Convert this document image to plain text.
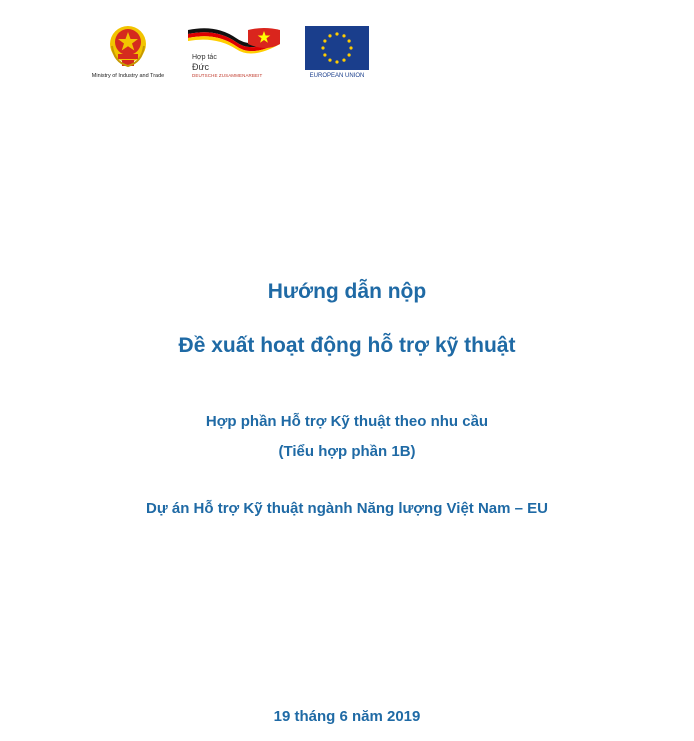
Ministry of Industry and Trade
Hợp tác
Đức
DEUTSCHE ZUSAMMENARBEIT	EUROPEAN UNION
Hướng dẫn nộp
Đề xuất hoạt động hỗ trợ kỹ thuật
Hợp phần Hỗ trợ Kỹ thuật theo nhu cầu
(Tiểu hợp phần 1B)
Dự án Hỗ trợ Kỹ thuật ngành Năng lượng Việt Nam – EU
19 tháng 6 năm 2019
